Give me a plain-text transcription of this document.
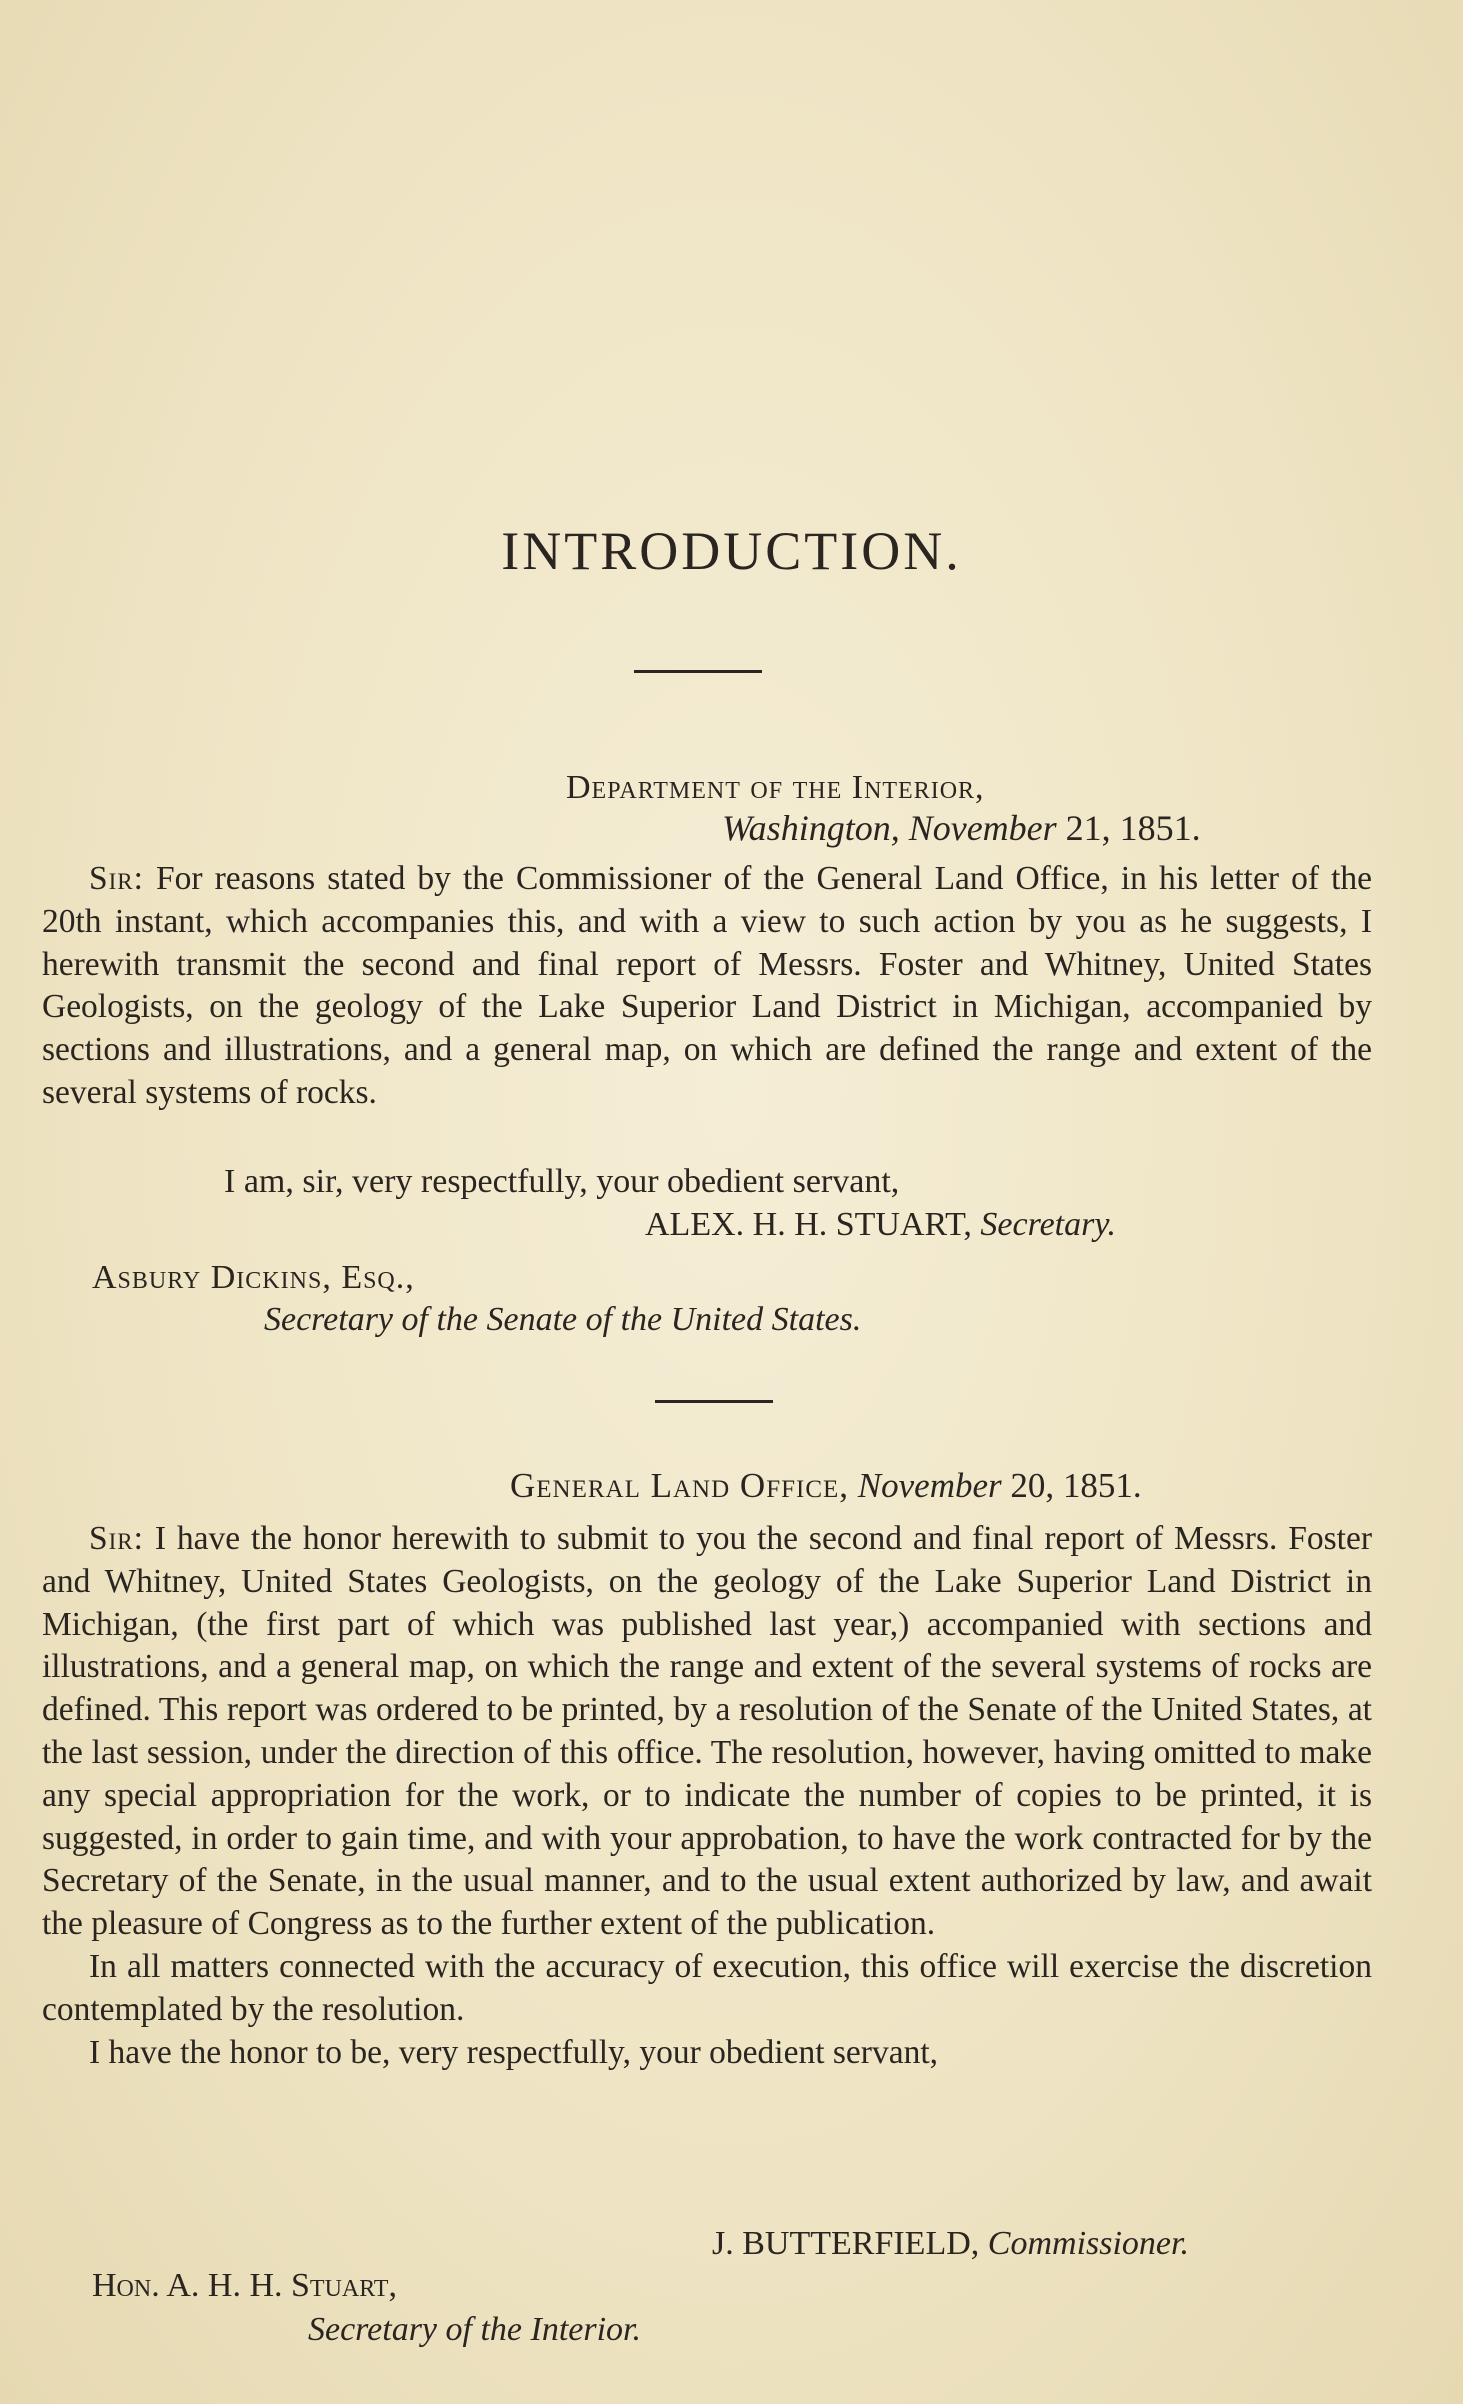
INTRODUCTION.
Department of the Interior,
Washington, November 21, 1851.

Sir: For reasons stated by the Commissioner of the General Land Office, in his letter of the 20th instant, which accompanies this, and with a view to such action by you as he suggests, I herewith transmit the second and final report of Messrs. Foster and Whitney, United States Geologists, on the geology of the Lake Superior Land District in Michigan, accompanied by sections and illustrations, and a general map, on which are defined the range and extent of the several systems of rocks.

I am, sir, very respectfully, your obedient servant,
ALEX. H. H. STUART, Secretary.
Asbury Dickins, Esq.,
Secretary of the Senate of the United States.
General Land Office, November 20, 1851.

Sir: I have the honor herewith to submit to you the second and final report of Messrs. Foster and Whitney, United States Geologists, on the geology of the Lake Superior Land District in Michigan, (the first part of which was published last year,) accompanied with sections and illustrations, and a general map, on which the range and extent of the several systems of rocks are defined. This report was ordered to be printed, by a resolution of the Senate of the United States, at the last session, under the direction of this office. The resolution, however, having omitted to make any special appropriation for the work, or to indicate the number of copies to be printed, it is suggested, in order to gain time, and with your approbation, to have the work contracted for by the Secretary of the Senate, in the usual manner, and to the usual extent authorized by law, and await the pleasure of Congress as to the further extent of the publication.

In all matters connected with the accuracy of execution, this office will exercise the discretion contemplated by the resolution.

I have the honor to be, very respectfully, your obedient servant,

J. BUTTERFIELD, Commissioner.
Hon. A. H. H. Stuart,
Secretary of the Interior.
